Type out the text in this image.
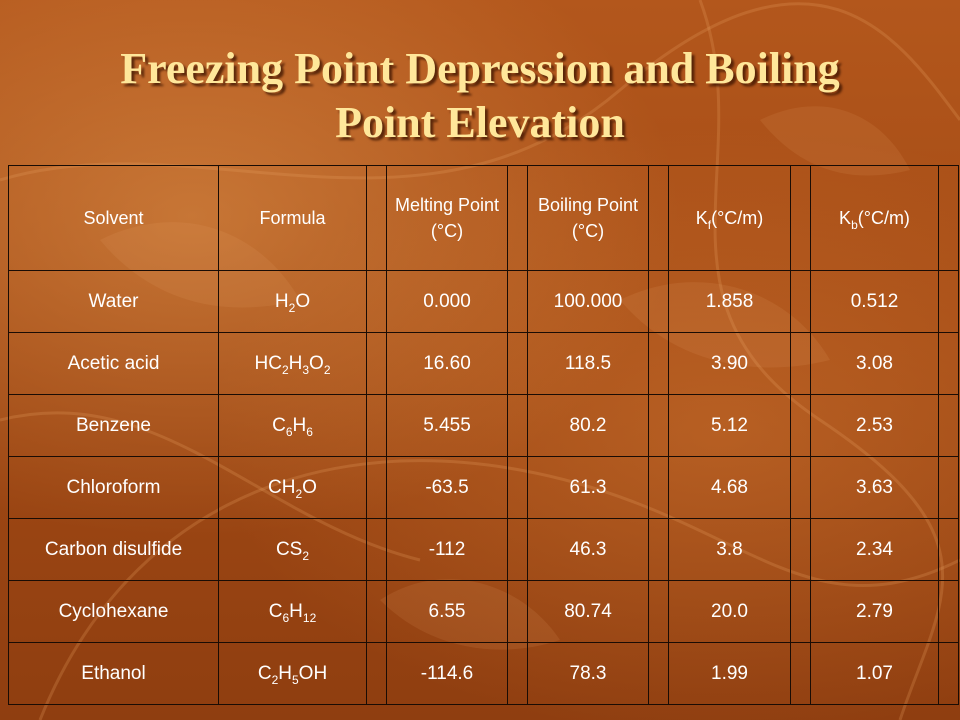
Freezing Point Depression and Boiling
Point Elevation
Solvent	Formula		Melting Point (°C)		Boiling Point (°C)		$K_f(^\circ C/m)$		$K_b(^\circ C/m)$	
Water	$H_2O$		0.000		100.000		1.858		0.512	
Acetic acid	$HC_2H_3O_2$		16.60		118.5		3.90		3.08	
Benzene	$C_6H_6$		5.455		80.2		5.12		2.53	
Chloroform	$CH_2O$		-63.5		61.3		4.68		3.63	
Carbon disulfide	$CS_2$		-112		46.3		3.8		2.34	
Cyclohexane	$C_6H_{12}$		6.55		80.74		20.0		2.79	
Ethanol	$C_2H_5OH$		-114.6		78.3		1.99		1.07	
